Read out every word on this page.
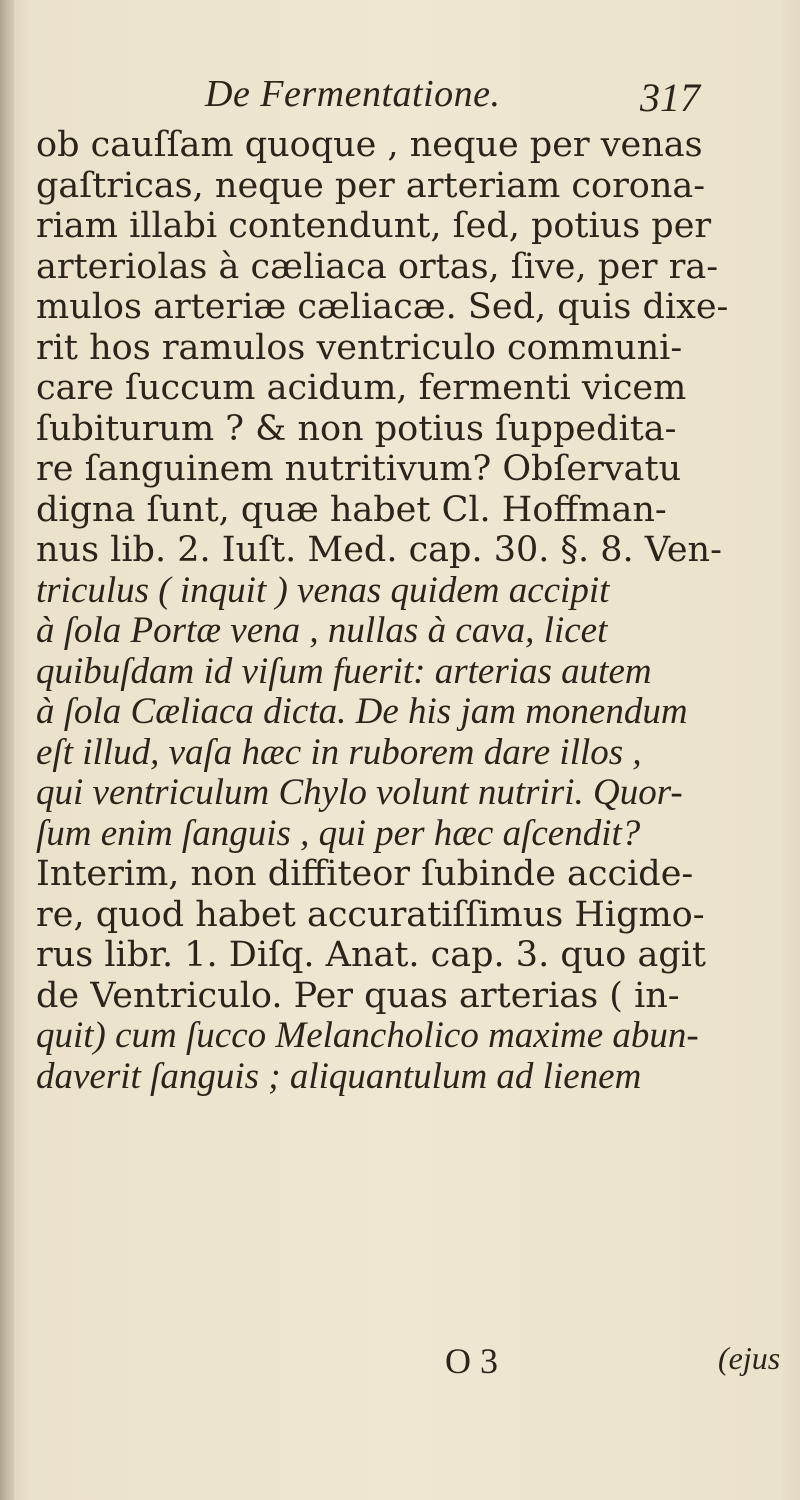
De Fermentatione.	317
ob cauſſam quoque , neque per venas
gaſtricas, neque per arteriam corona-
riam illabi contendunt, ſed, potius per
arteriolas à cæliaca ortas, ſive, per ra-
mulos arteriæ cæliacæ. Sed, quis dixe-
rit hos ramulos ventriculo communi-
care ſuccum acidum, fermenti vicem
ſubiturum ? & non potius ſuppedita-
re ſanguinem nutritivum? Obſervatu
digna ſunt, quæ habet Cl. Hoffman-
nus lib. 2. Iuſt. Med. cap. 30. §. 8. Ven-
triculus ( inquit ) venas quidem accipit
à ſola Portæ vena , nullas à cava, licet
quibuſdam id viſum fuerit: arterias autem
à ſola Cæliaca dicta. De his jam monendum
eſt illud, vaſa hæc in ruborem dare illos ,
qui ventriculum Chylo volunt nutriri. Quor-
ſum enim ſanguis , qui per hæc aſcendit?
Interim, non diffiteor ſubinde accide-
re, quod habet accuratiſſimus Higmo-
rus libr. 1. Diſq. Anat. cap. 3. quo agit
de Ventriculo. Per quas arterias ( in-
quit) cum ſucco Melancholico maxime abun-
daverit ſanguis ; aliquantulum ad lienem
O 3	(ejus
